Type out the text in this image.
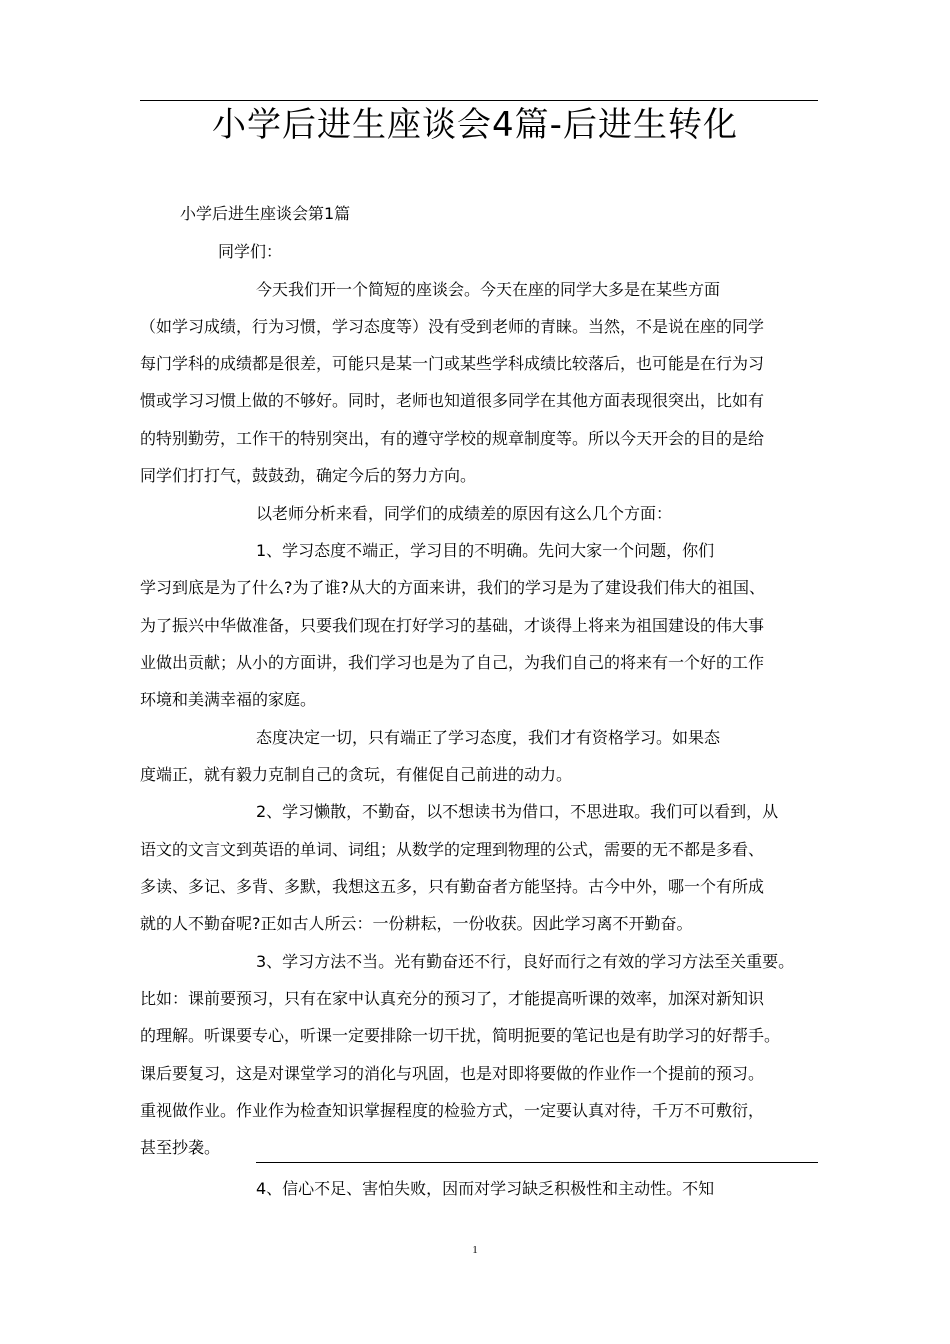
小学后进生座谈会4篇-后进生转化
小学后进生座谈会第1篇
同学们：
今天我们开一个简短的座谈会。今天在座的同学大多是在某些方面
（如学习成绩，行为习惯，学习态度等）没有受到老师的青睐。当然，不是说在座的同学
每门学科的成绩都是很差，可能只是某一门或某些学科成绩比较落后，也可能是在行为习
惯或学习习惯上做的不够好。同时，老师也知道很多同学在其他方面表现很突出，比如有
的特别勤劳，工作干的特别突出，有的遵守学校的规章制度等。所以今天开会的目的是给
同学们打打气，鼓鼓劲，确定今后的努力方向。
以老师分析来看，同学们的成绩差的原因有这么几个方面：
1、学习态度不端正，学习目的不明确。先问大家一个问题，你们
学习到底是为了什么?为了谁?从大的方面来讲，我们的学习是为了建设我们伟大的祖国、
为了振兴中华做准备，只要我们现在打好学习的基础，才谈得上将来为祖国建设的伟大事
业做出贡献；从小的方面讲，我们学习也是为了自己，为我们自己的将来有一个好的工作
环境和美满幸福的家庭。
态度决定一切，只有端正了学习态度，我们才有资格学习。如果态
度端正，就有毅力克制自己的贪玩，有催促自己前进的动力。
2、学习懒散，不勤奋，以不想读书为借口，不思进取。我们可以看到，从
语文的文言文到英语的单词、词组；从数学的定理到物理的公式，需要的无不都是多看、
多读、多记、多背、多默，我想这五多，只有勤奋者方能坚持。古今中外，哪一个有所成
就的人不勤奋呢?正如古人所云：一份耕耘，一份收获。因此学习离不开勤奋。
3、学习方法不当。光有勤奋还不行，良好而行之有效的学习方法至关重要。
比如：课前要预习，只有在家中认真充分的预习了，才能提高听课的效率，加深对新知识
的理解。听课要专心，听课一定要排除一切干扰，简明扼要的笔记也是有助学习的好帮手。
课后要复习，这是对课堂学习的消化与巩固，也是对即将要做的作业作一个提前的预习。
重视做作业。作业作为检查知识掌握程度的检验方式，一定要认真对待，千万不可敷衍，
甚至抄袭。
4、信心不足、害怕失败，因而对学习缺乏积极性和主动性。不知
1
